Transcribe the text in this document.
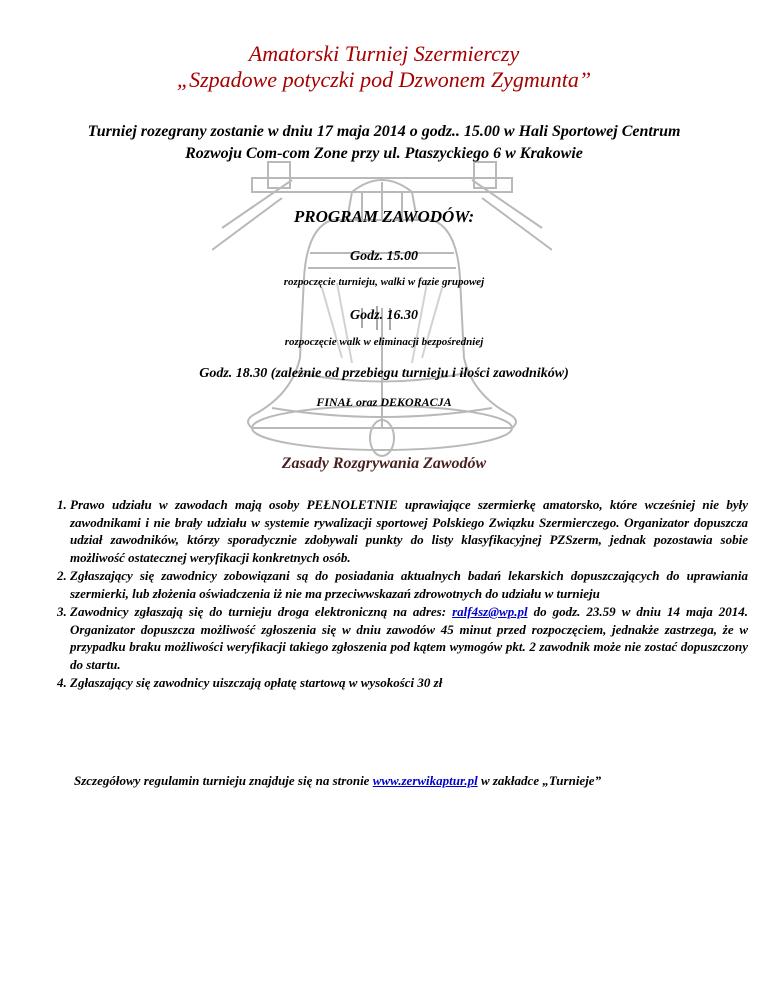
Amatorski Turniej Szermierczy
„Szpadowe potyczki pod Dzwonem Zygmunta”
Turniej rozegrany zostanie w dniu 17 maja 2014 o godz.. 15.00 w Hali Sportowej Centrum
Rozwoju Com-com Zone przy ul. Ptaszyckiego 6 w Krakowie
PROGRAM ZAWODÓW:
Godz. 15.00
rozpoczęcie turnieju, walki w fazie grupowej
Godz. 16.30
rozpoczęcie walk w eliminacji bezpośredniej
Godz. 18.30 (zależnie od przebiegu turnieju i ilości zawodników)
FINAŁ oraz DEKORACJA
Zasady Rozgrywania Zawodów
1. Prawo udziału w zawodach mają osoby PEŁNOLETNIE uprawiające szermierkę amatorsko, które wcześniej nie były zawodnikami i nie brały udziału w systemie rywalizacji sportowej Polskiego Związku Szermierczego. Organizator dopuszcza udział zawodników, którzy sporadycznie zdobywali punkty do listy klasyfikacyjnej PZSzerm, jednak pozostawia sobie możliwość ostatecznej weryfikacji konkretnych osób.
2. Zgłaszający się zawodnicy zobowiązani są do posiadania aktualnych badań lekarskich dopuszczających do uprawiania szermierki, lub złożenia oświadczenia iż nie ma przeciwwskazań zdrowotnych do udziału w turnieju
3. Zawodnicy zgłaszają się do turnieju droga elektroniczną na adres: ralf4sz@wp.pl do godz. 23.59 w dniu 14 maja 2014. Organizator dopuszcza możliwość zgłoszenia się w dniu zawodów 45 minut przed rozpoczęciem, jednakże zastrzega, że w przypadku braku możliwości weryfikacji takiego zgłoszenia pod kątem wymogów pkt. 2 zawodnik może nie zostać dopuszczony do startu.
4. Zgłaszający się zawodnicy uiszczają opłatę startową w wysokości 30 zł
Szczegółowy regulamin turnieju znajduje się na stronie www.zerwikaptur.pl w zakładce „Turnieje”
